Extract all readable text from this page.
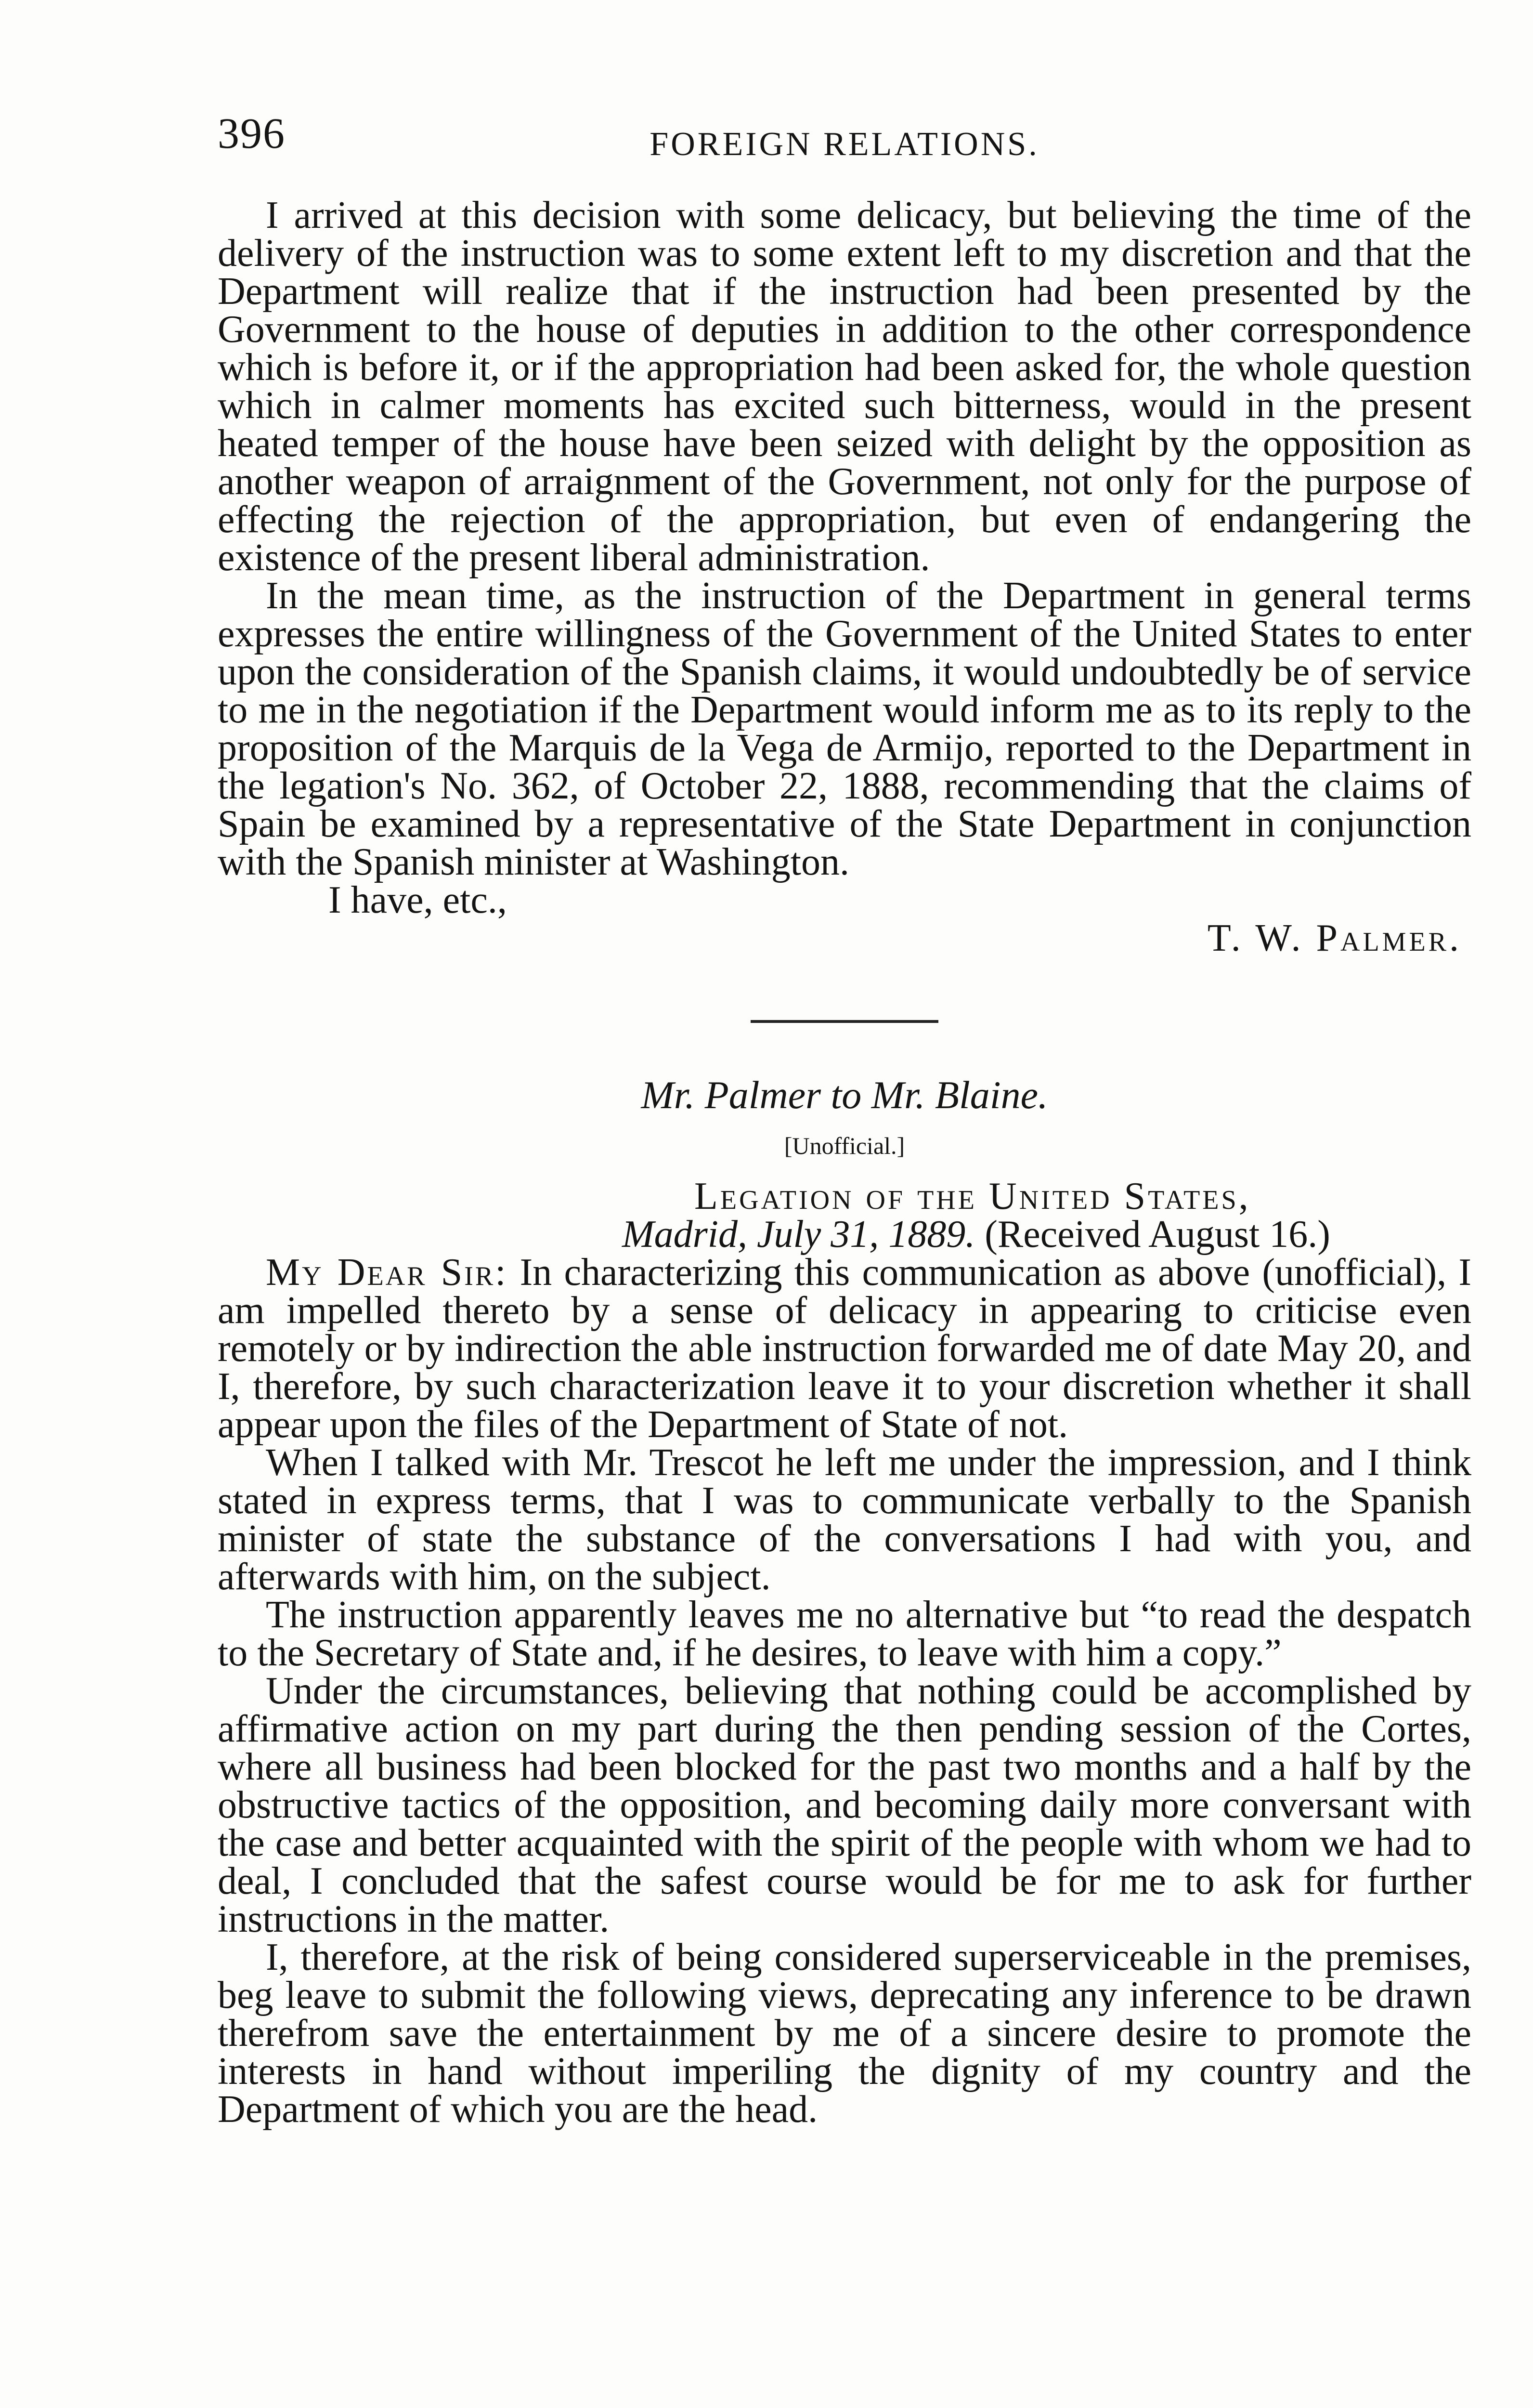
396	FOREIGN RELATIONS.

I arrived at this decision with some delicacy, but believing the time of the delivery of the instruction was to some extent left to my discretion and that the Department will realize that if the instruction had been presented by the Government to the house of deputies in addition to the other correspondence which is before it, or if the appropriation had been asked for, the whole question which in calmer moments has excited such bitterness, would in the present heated temper of the house have been seized with delight by the opposition as another weapon of arraignment of the Government, not only for the purpose of effecting the rejection of the appropriation, but even of endangering the existence of the present liberal administration.

In the mean time, as the instruction of the Department in general terms expresses the entire willingness of the Government of the United States to enter upon the consideration of the Spanish claims, it would undoubtedly be of service to me in the negotiation if the Department would inform me as to its reply to the proposition of the Marquis de la Vega de Armijo, reported to the Department in the legation's No. 362, of October 22, 1888, recommending that the claims of Spain be examined by a representative of the State Department in conjunction with the Spanish minister at Washington.

I have, etc.,

T. W. Palmer.

Mr. Palmer to Mr. Blaine.

[Unofficial.]

Legation of the United States,

Madrid, July 31, 1889. (Received August 16.)

My Dear Sir: In characterizing this communication as above (unofficial), I am impelled thereto by a sense of delicacy in appearing to criticise even remotely or by indirection the able instruction forwarded me of date May 20, and I, therefore, by such characterization leave it to your discretion whether it shall appear upon the files of the Department of State of not.

When I talked with Mr. Trescot he left me under the impression, and I think stated in express terms, that I was to communicate verbally to the Spanish minister of state the substance of the conversations I had with you, and afterwards with him, on the subject.

The instruction apparently leaves me no alternative but “to read the despatch to the Secretary of State and, if he desires, to leave with him a copy.”

Under the circumstances, believing that nothing could be accomplished by affirmative action on my part during the then pending session of the Cortes, where all business had been blocked for the past two months and a half by the obstructive tactics of the opposition, and becoming daily more conversant with the case and better acquainted with the spirit of the people with whom we had to deal, I concluded that the safest course would be for me to ask for further instructions in the matter.

I, therefore, at the risk of being considered superserviceable in the premises, beg leave to submit the following views, deprecating any inference to be drawn therefrom save the entertainment by me of a sincere desire to promote the interests in hand without imperiling the dignity of my country and the Department of which you are the head.
